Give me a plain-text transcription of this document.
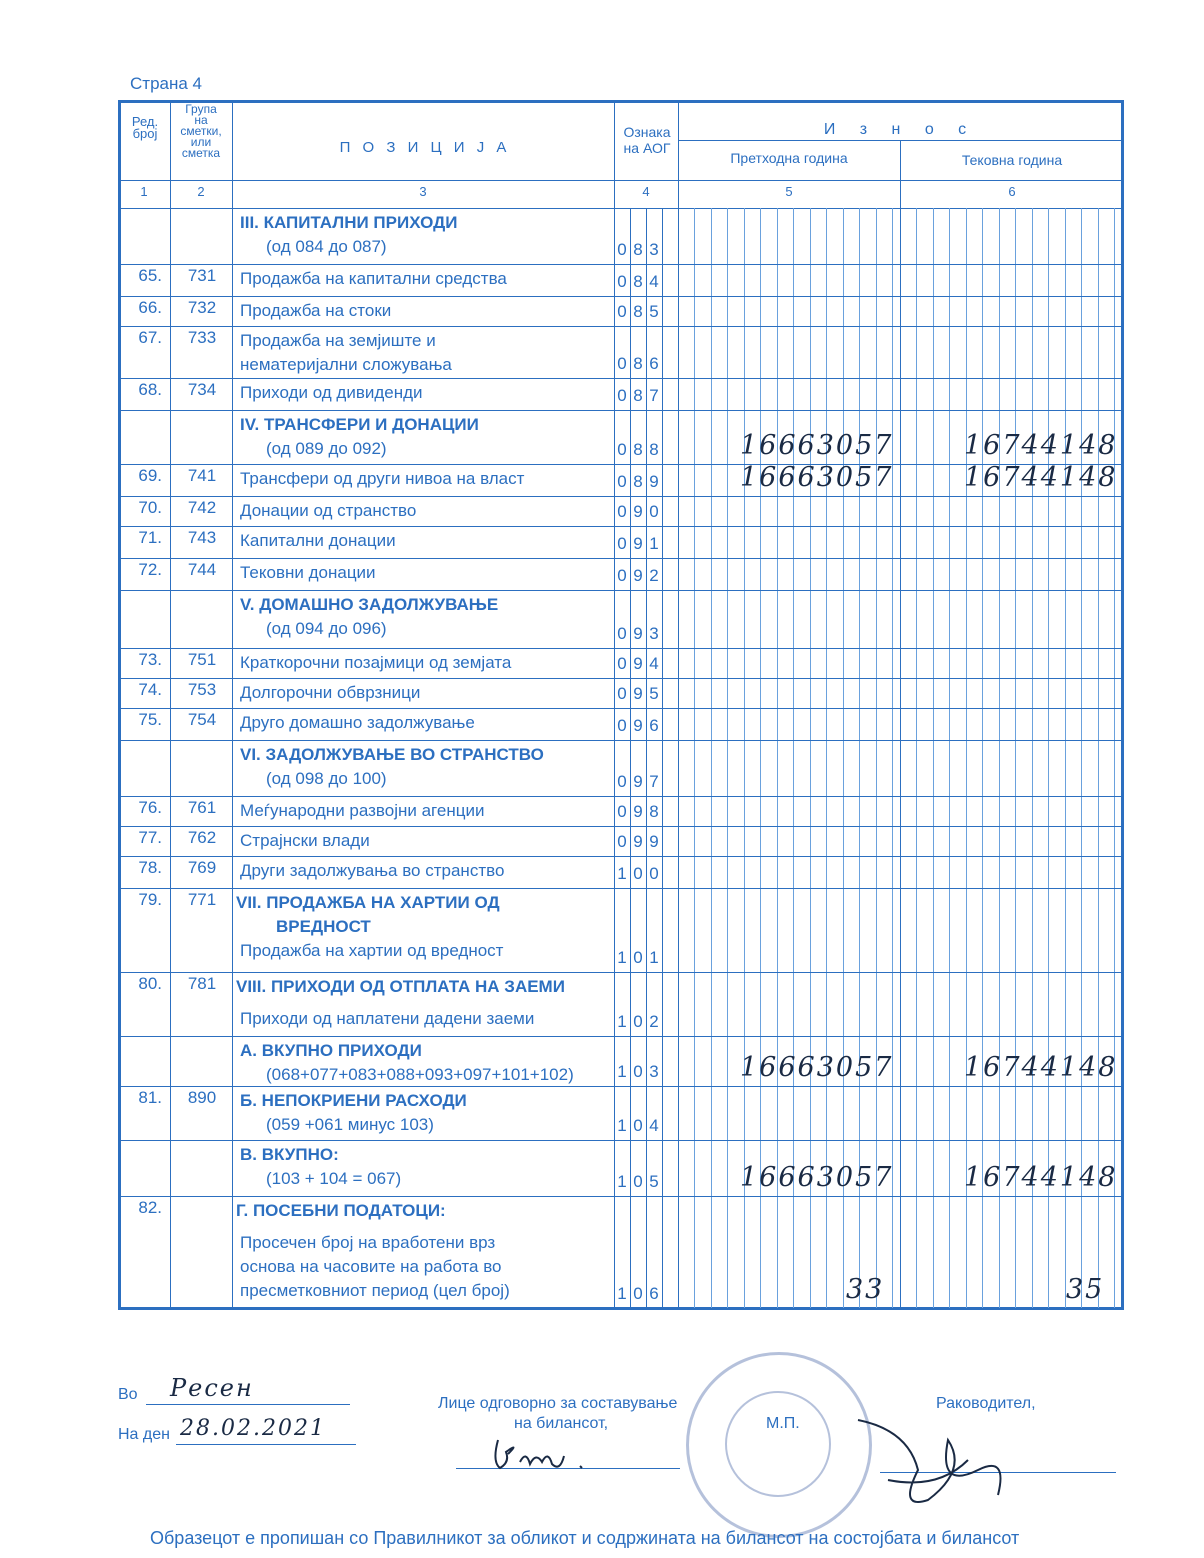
Страна 4
Ред. број
Група
на
сметки,
или
сметка	П О З И Ц И Ј А
Ознака
на АОГ
И з н о с
Претходна година	Тековна година
1	2	3	4	5	6
III. КАПИТАЛНИ ПРИХОДИ
(од 084 до 087)	0 8 3
65.	731	Продажба на капитални средства	0 8 4
66.	732	Продажба на стоки	0 8 5
67.	733	Продажба на земјиште и
нематеријални сложувања	0 8 6
68.	734	Приходи од дивиденди	0 8 7
IV. ТРАНСФЕРИ И ДОНАЦИИ
(од 089 до 092)	0 8 8	16663057	16744148
69.	741	Трансфери од други нивоа на власт	0 8 9	16663057	16744148
70.	742	Донации од странство	0 9 0
71.	743	Капитални донации	0 9 1
72.	744	Тековни донации	0 9 2
V. ДОМАШНО ЗАДОЛЖУВАЊЕ
(од 094 до 096)	0 9 3
73.	751	Краткорочни позајмици од земјата	0 9 4
74.	753	Долгорочни обврзници	0 9 5
75.	754	Друго домашно задолжување	0 9 6
VI. ЗАДОЛЖУВАЊЕ ВО СТРАНСТВО
(од 098 до 100)	0 9 7
76.	761	Меѓународни развојни агенции	0 9 8
77.	762	Страјнски влади	0 9 9
78.	769	Други задолжувања во странство	1 0 0
79.	771	VII. ПРОДАЖБА НА ХАРТИИ ОД
ВРЕДНОСТ
Продажба на хартии од вредност	1 0 1
80.	781	VIII. ПРИХОДИ ОД ОТПЛАТА НА ЗАЕМИ
Приходи од наплатени дадени заеми	1 0 2
А. ВКУПНО ПРИХОДИ
(068+077+083+088+093+097+101+102)	1 0 3	16663057	16744148
81.	890	Б. НЕПОКРИЕНИ РАСХОДИ
(059 +061 минус 103)	1 0 4
В. ВКУПНО:
(103 + 104 = 067)	1 0 5	16663057	16744148
82.	Г. ПОСЕБНИ ПОДАТОЦИ:
Просечен број на вработени врз
основа на часовите на работа во
пресметковниот период (цел број)	1 0 6	33	35
Во Ресен
На ден 28.02.2021
Лице одговорно за составување
на билансот,	М.П.
Раководител,
Образецот е пропишан со Правилникот за обликот и содржината на билансот на состојбата и билансот
